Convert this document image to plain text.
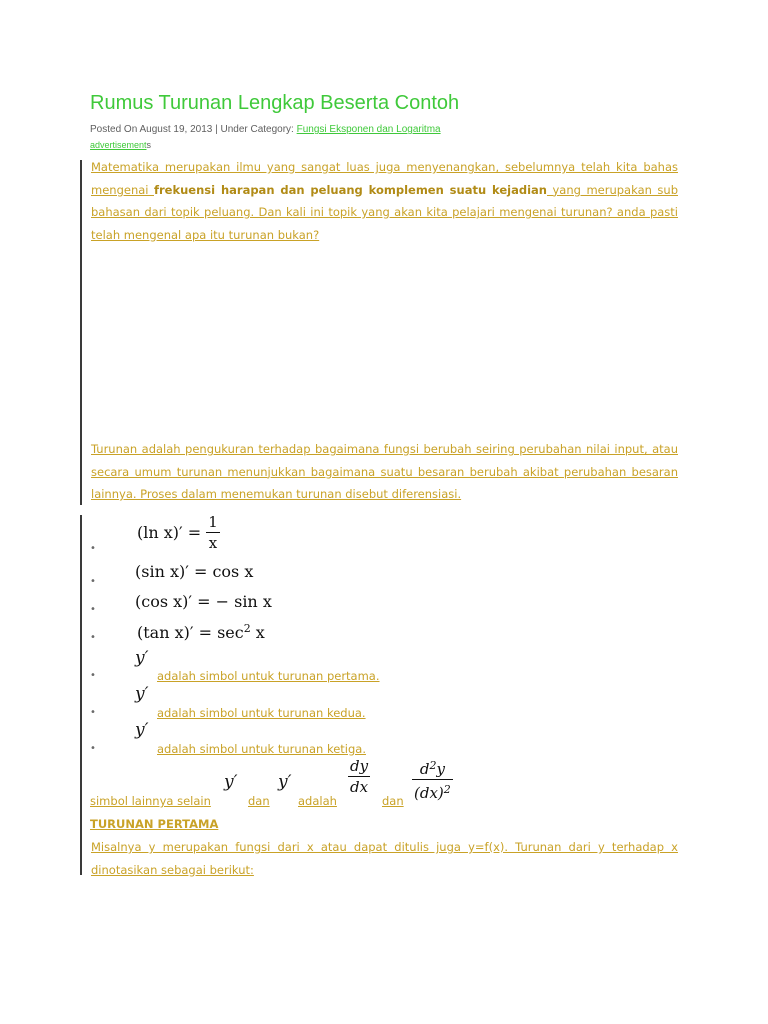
Rumus Turunan Lengkap Beserta Contoh
Posted On August 19, 2013 | Under Category: Fungsi Eksponen dan Logaritma
advertisements
Matematika merupakan ilmu yang sangat luas juga menyenangkan, sebelumnya telah kita bahas mengenai frekuensi harapan dan peluang komplemen suatu kejadian yang merupakan sub bahasan dari topik peluang. Dan kali ini topik yang akan kita pelajari mengenai turunan? anda pasti telah mengenal apa itu turunan bukan?
Turunan adalah pengukuran terhadap bagaimana fungsi berubah seiring perubahan nilai input, atau secara umum turunan menunjukkan bagaimana suatu besaran berubah akibat perubahan besaran lainnya. Proses dalam menemukan turunan disebut diferensiasi.
•
(ln $x)' = \frac{1}{x}$
•
(sin x)′ = cos x
• (cos x)′ = − sin x
•	(tan $x)' = \sec^2 x$
y′
•	adalah simbol untuk turunan pertama.
y′
•	adalah simbol untuk turunan kedua.
y′
•	adalah simbol untuk turunan ketiga.
simbol lainnya selain
y′
dan
y′
adalah
$\frac{dy}{dx}$
dan $\frac{d^2y}{(dx)^2}$
TURUNAN PERTAMA
Misalnya y merupakan fungsi dari x atau dapat ditulis juga y=f(x). Turunan dari y terhadap x dinotasikan sebagai berikut:
